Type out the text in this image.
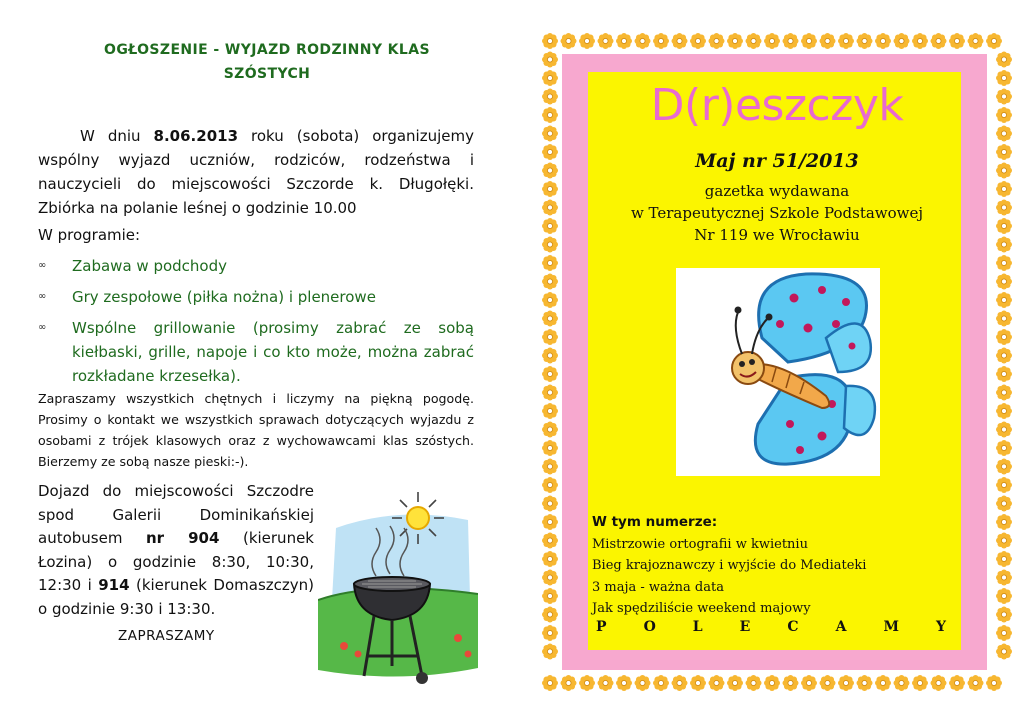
OGŁOSZENIE - WYJAZD RODZINNY KLAS
SZÓSTYCH

W dniu 8.06.2013 roku (sobota) organizujemy wspólny wyjazd uczniów, rodziców, rodzeństwa i nauczycieli do miejscowości Szczorde k. Długołęki. Zbiórka na polanie leśnej o godzinie 10.00

W programie:
∞ Zabawa w podchody
∞ Gry zespołowe (piłka nożna) i plenerowe
∞ Wspólne grillowanie (prosimy zabrać ze sobą kiełbaski, grille, napoje i co kto może, można zabrać rozkładane krzesełka).

Zapraszamy wszystkich chętnych i liczymy na piękną pogodę. Prosimy o kontakt we wszystkich sprawach dotyczących wyjazdu z osobami z trójek klasowych oraz z wychowawcami klas szóstych. Bierzemy ze sobą nasze pieski:-).

Dojazd do miejscowości Szczodre spod Galerii Dominikańskiej autobusem nr 904 (kierunek Łozina) o godzinie 8:30, 10:30, 12:30 i 914 (kierunek Domaszczyn) o godzinie 9:30 i 13:30.

ZAPRASZAMY
D(r)eszczyk
Maj nr 51/2013
gazetka wydawana
w Terapeutycznej Szkole Podstawowej
Nr 119 we Wrocławiu
W tym numerze:
Mistrzowie ortografii w kwietniu
Bieg krajoznawczy i wyjście do Mediateki
3 maja - ważna data
Jak spędziliście weekend majowy
P	O	L	E	C	A	M	Y
